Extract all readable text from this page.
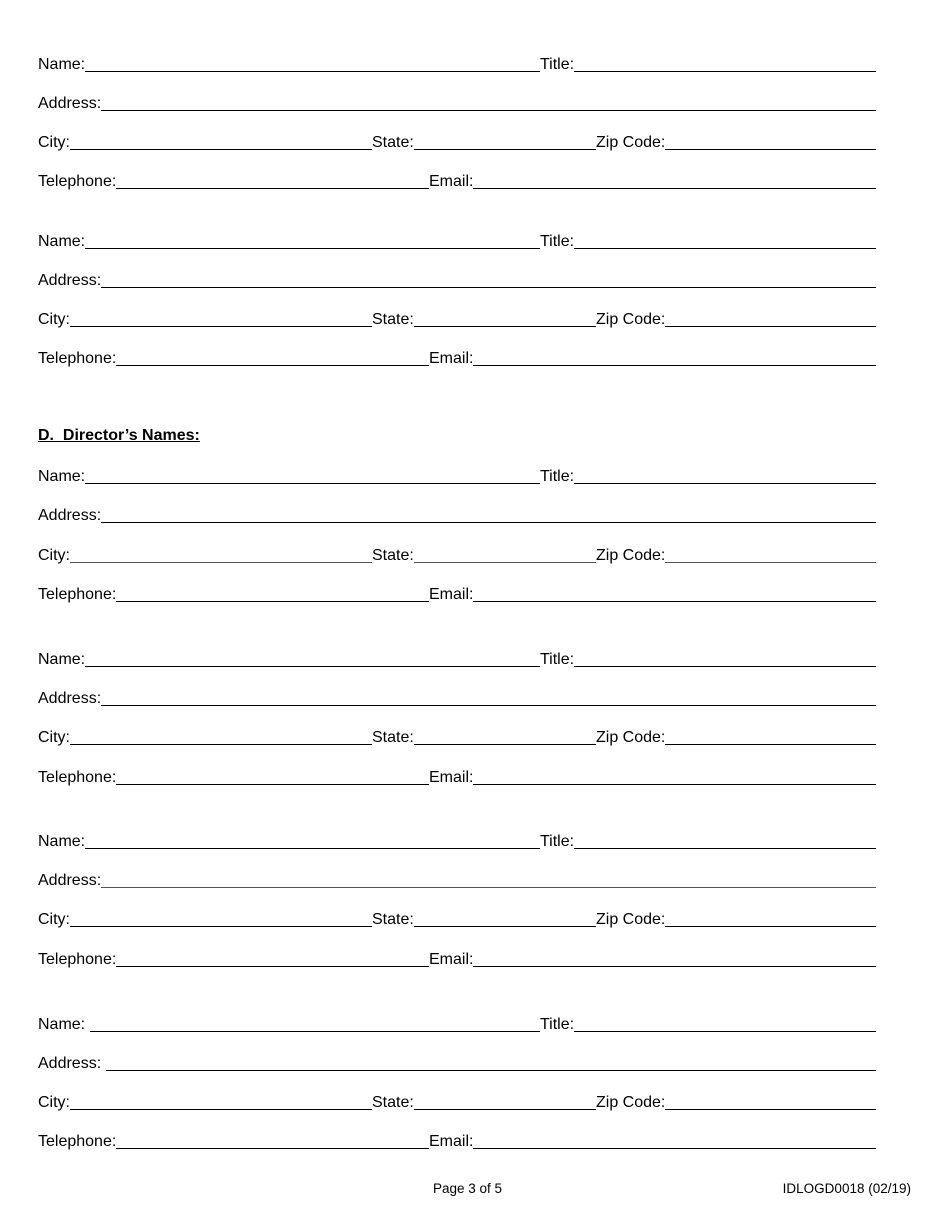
Name:	Title:
Address:
City:	State:	Zip Code:
Telephone:	Email:
Name:	Title:
Address:
City:	State:	Zip Code:
Telephone:	Email:
D.  Director’s Names:
Name:	Title:
Address:
City:	State:	Zip Code:
Telephone:	Email:
Name:	Title:
Address:
City:	State:	Zip Code:
Telephone:	Email:
Name:	Title:
Address:
City:	State:	Zip Code:
Telephone:	Email:
Name:	Title:
Address:
City:	State:	Zip Code:
Telephone:	Email:
Page 3 of 5	IDLOGD0018 (02/19)
